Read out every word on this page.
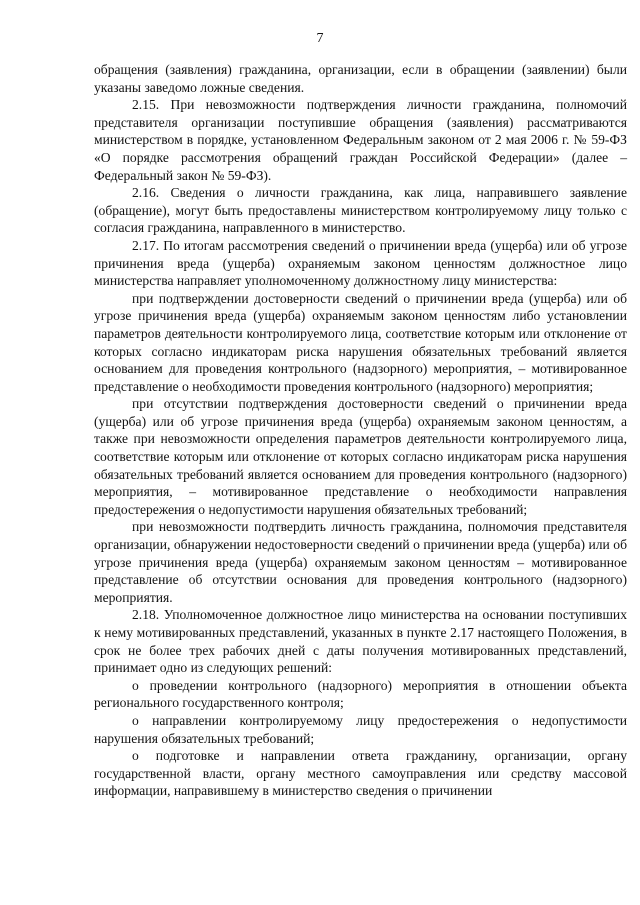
7

обращения (заявления) гражданина, организации, если в обращении (заявлении) были указаны заведомо ложные сведения.

2.15. При невозможности подтверждения личности гражданина, полномочий представителя организации поступившие обращения (заявления) рассматриваются министерством в порядке, установленном Федеральным законом от 2 мая 2006 г. № 59-ФЗ «О порядке рассмотрения обращений граждан Российской Федерации» (далее – Федеральный закон № 59-ФЗ).

2.16. Сведения о личности гражданина, как лица, направившего заявление (обращение), могут быть предоставлены министерством контролируемому лицу только с согласия гражданина, направленного в министерство.

2.17. По итогам рассмотрения сведений о причинении вреда (ущерба) или об угрозе причинения вреда (ущерба) охраняемым законом ценностям должностное лицо министерства направляет уполномоченному должностному лицу министерства:

при подтверждении достоверности сведений о причинении вреда (ущерба) или об угрозе причинения вреда (ущерба) охраняемым законом ценностям либо установлении параметров деятельности контролируемого лица, соответствие которым или отклонение от которых согласно индикаторам риска нарушения обязательных требований является основанием для проведения контрольного (надзорного) мероприятия, – мотивированное представление о необходимости проведения контрольного (надзорного) мероприятия;

при отсутствии подтверждения достоверности сведений о причинении вреда (ущерба) или об угрозе причинения вреда (ущерба) охраняемым законом ценностям, а также при невозможности определения параметров деятельности контролируемого лица, соответствие которым или отклонение от которых согласно индикаторам риска нарушения обязательных требований является основанием для проведения контрольного (надзорного) мероприятия, – мотивированное представление о необходимости направления предостережения о недопустимости нарушения обязательных требований;

при невозможности подтвердить личность гражданина, полномочия представителя организации, обнаружении недостоверности сведений о причинении вреда (ущерба) или об угрозе причинения вреда (ущерба) охраняемым законом ценностям – мотивированное представление об отсутствии основания для проведения контрольного (надзорного) мероприятия.

2.18. Уполномоченное должностное лицо министерства на основании поступивших к нему мотивированных представлений, указанных в пункте 2.17 настоящего Положения, в срок не более трех рабочих дней с даты получения мотивированных представлений, принимает одно из следующих решений:

о проведении контрольного (надзорного) мероприятия в отношении объекта регионального государственного контроля;

о направлении контролируемому лицу предостережения о недопустимости нарушения обязательных требований;

о подготовке и направлении ответа гражданину, организации, органу государственной власти, органу местного самоуправления или средству массовой информации, направившему в министерство сведения о причинении
